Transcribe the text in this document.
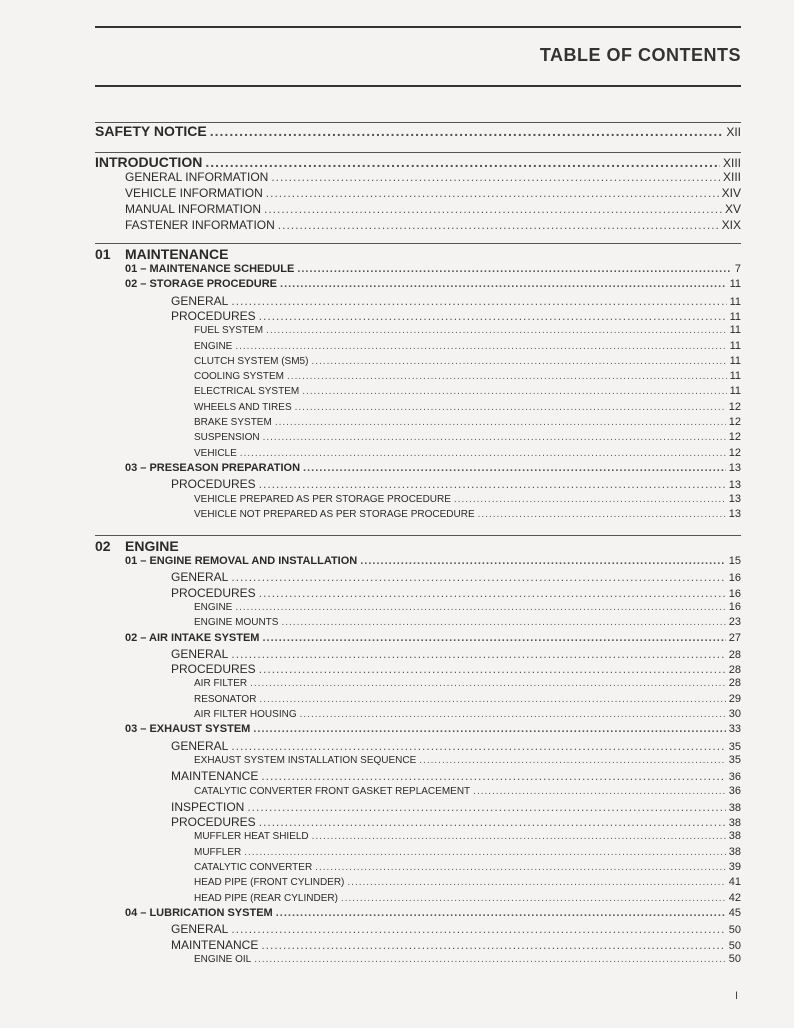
TABLE OF CONTENTS
SAFETY NOTICE .....	XII
INTRODUCTION .....	XIII
GENERAL INFORMATION .....	XIII
VEHICLE INFORMATION .....	XIV
MANUAL INFORMATION .....	XV
FASTENER INFORMATION .....	XIX
01 MAINTENANCE
01 – MAINTENANCE SCHEDULE .....	7
02 – STORAGE PROCEDURE .....	11
GENERAL .....	11
PROCEDURES .....	11
FUEL SYSTEM .....	11
ENGINE .....	11
CLUTCH SYSTEM (SM5) .....	11
COOLING SYSTEM .....	11
ELECTRICAL SYSTEM .....	11
WHEELS AND TIRES .....	12
BRAKE SYSTEM .....	12
SUSPENSION .....	12
VEHICLE .....	12
03 – PRESEASON PREPARATION .....	13
PROCEDURES .....	13
VEHICLE PREPARED AS PER STORAGE PROCEDURE .....	13
VEHICLE NOT PREPARED AS PER STORAGE PROCEDURE .....	13
02 ENGINE
01 – ENGINE REMOVAL AND INSTALLATION .....	15
GENERAL .....	16
PROCEDURES .....	16
ENGINE .....	16
ENGINE MOUNTS .....	23
02 – AIR INTAKE SYSTEM .....	27
GENERAL .....	28
PROCEDURES .....	28
AIR FILTER .....	28
RESONATOR .....	29
AIR FILTER HOUSING .....	30
03 – EXHAUST SYSTEM .....	33
GENERAL .....	35
EXHAUST SYSTEM INSTALLATION SEQUENCE .....	35
MAINTENANCE .....	36
CATALYTIC CONVERTER FRONT GASKET REPLACEMENT .....	36
INSPECTION .....	38
PROCEDURES .....	38
MUFFLER HEAT SHIELD .....	38
MUFFLER .....	38
CATALYTIC CONVERTER .....	39
HEAD PIPE (FRONT CYLINDER) .....	41
HEAD PIPE (REAR CYLINDER) .....	42
04 – LUBRICATION SYSTEM .....	45
GENERAL .....	50
MAINTENANCE .....	50
ENGINE OIL .....	50
I
